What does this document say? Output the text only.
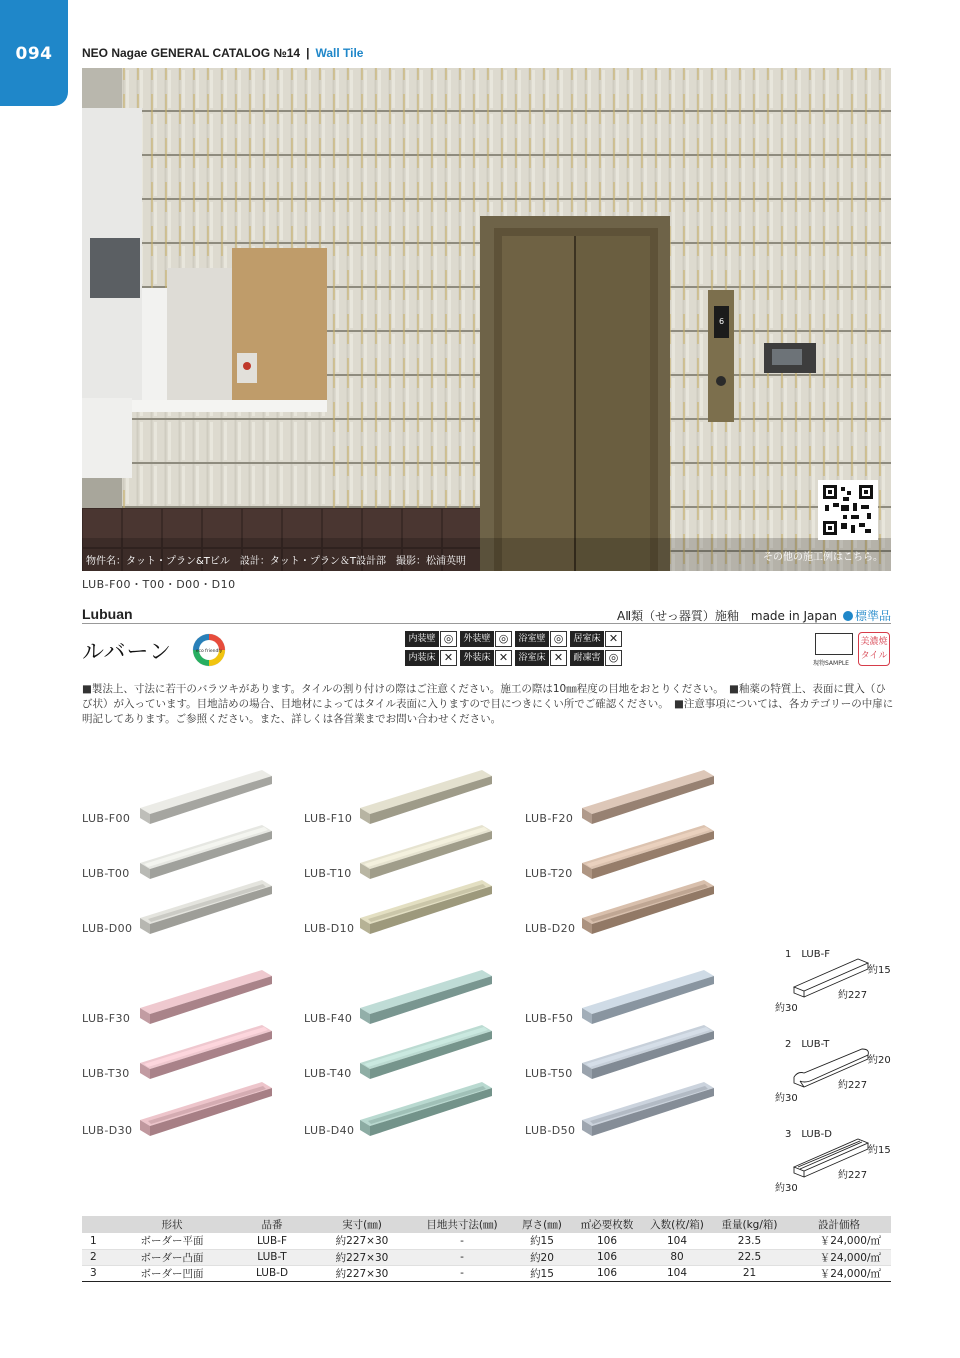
094	NEO Nagae GENERAL CATALOG №14 | Wall Tile
6
物件名：タット・プラン&Tビル　設計：タット・プラン＆T設計部　撮影：松浦英明	その他の施工例はこちら。
LUB-F00・T00・D00・D10
Lubuan	AⅡ類（せっ器質）施釉　made in Japan 標準品
ルバーン	eco friendly
内装壁 ◎	外装壁 ◎	浴室壁 ◎	居室床 ✕
内装床 ✕	外装床 ✕	浴室床 ✕	耐凍害 ◎	現物SAMPLE
美濃焼
タイル
■製法上、寸法に若干のバラツキがあります。タイルの割り付けの際はご注意ください。施工の際は10㎜程度の目地をおとりください。　■釉薬の特質上、表面に貫入（ひび状）が入っています。目地詰めの場合、目地材によってはタイル表面に入りますので目につきにくい所でご確認ください。　■注意事項については、各カテゴリーの中扉に明記してあります。ご参照ください。また、詳しくは各営業までお問い合わせください。
LUB-F00
LUB-T00
LUB-D00
LUB-F10
LUB-T10
LUB-D10
LUB-F20
LUB-T20
LUB-D20
LUB-F30
LUB-T30
LUB-D30
LUB-F40
LUB-T40
LUB-D40
LUB-F50
LUB-T50
LUB-D50
1　LUB-F
約15
約227
約30
2　LUB-T
約20
約227
約30
3　LUB-D
約15
約227
約30
	形状	品番	実寸(㎜)	目地共寸法(㎜)	厚さ(㎜)	㎡必要枚数	入数(枚/箱)	重量(kg/箱)	設計価格
1	ボーダー平面	LUB-F	約227×30	-	約15	106	104	23.5	￥24,000/㎡
2	ボーダー凸面	LUB-T	約227×30	-	約20	106	80	22.5	￥24,000/㎡
3	ボーダー凹面	LUB-D	約227×30	-	約15	106	104	21	￥24,000/㎡
